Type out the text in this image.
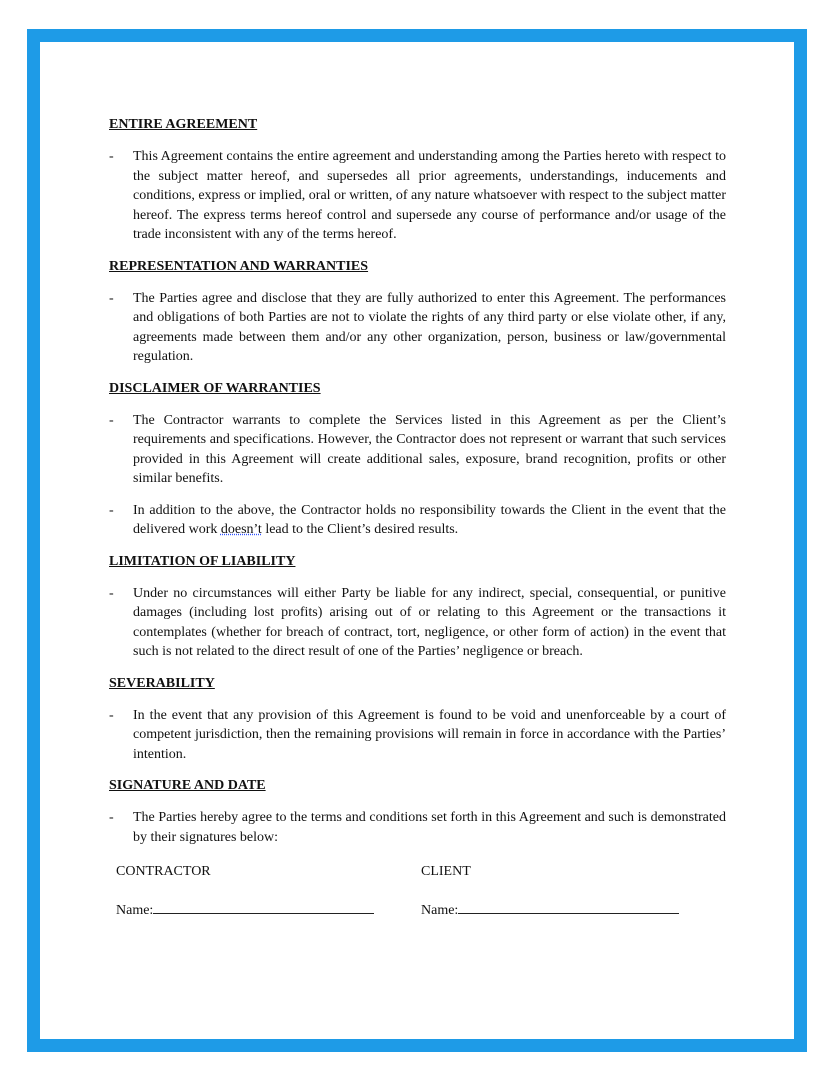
ENTIRE AGREEMENT
- This Agreement contains the entire agreement and understanding among the Parties hereto with respect to the subject matter hereof, and supersedes all prior agreements, understandings, inducements and conditions, express or implied, oral or written, of any nature whatsoever with respect to the subject matter hereof. The express terms hereof control and supersede any course of performance and/or usage of the trade inconsistent with any of the terms hereof.
REPRESENTATION AND WARRANTIES
- The Parties agree and disclose that they are fully authorized to enter this Agreement. The performances and obligations of both Parties are not to violate the rights of any third party or else violate other, if any, agreements made between them and/or any other organization, person, business or law/governmental regulation.
DISCLAIMER OF WARRANTIES
- The Contractor warrants to complete the Services listed in this Agreement as per the Client’s requirements and specifications. However, the Contractor does not represent or warrant that such services provided in this Agreement will create additional sales, exposure, brand recognition, profits or other similar benefits.
- In addition to the above, the Contractor holds no responsibility towards the Client in the event that the delivered work doesn’t lead to the Client’s desired results.
LIMITATION OF LIABILITY
- Under no circumstances will either Party be liable for any indirect, special, consequential, or punitive damages (including lost profits) arising out of or relating to this Agreement or the transactions it contemplates (whether for breach of contract, tort, negligence, or other form of action) in the event that such is not related to the direct result of one of the Parties’ negligence or breach.
SEVERABILITY
- In the event that any provision of this Agreement is found to be void and unenforceable by a court of competent jurisdiction, then the remaining provisions will remain in force in accordance with the Parties’ intention.
SIGNATURE AND DATE
- The Parties hereby agree to the terms and conditions set forth in this Agreement and such is demonstrated by their signatures below:
CONTRACTOR	CLIENT
Name:	Name:
